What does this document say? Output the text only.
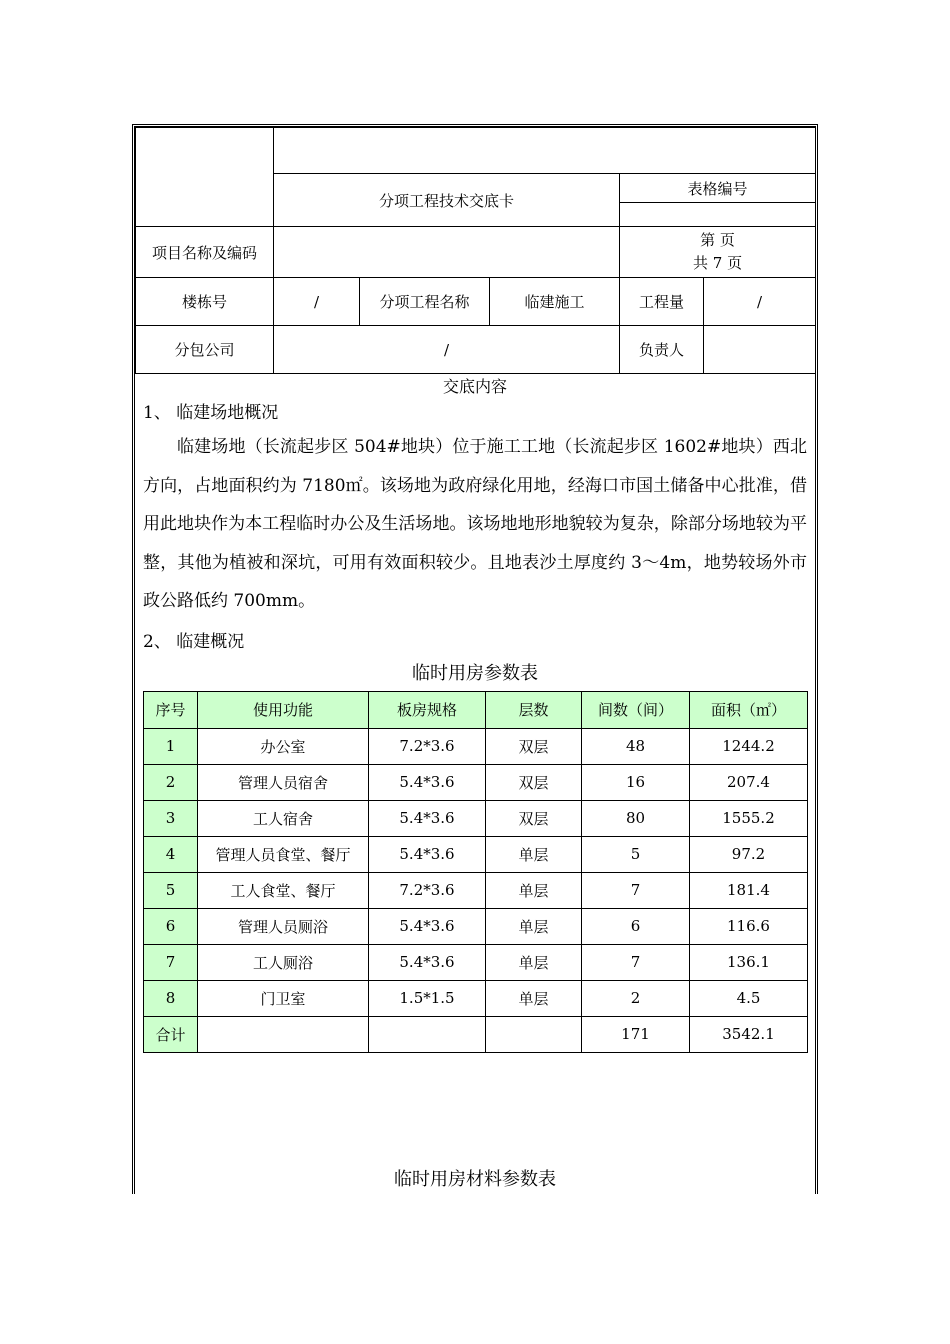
	分项工程技术交底卡			表格编号	

项目名称及编码				第 页
共 7 页	

楼栋号	/	分项工程名称	临建施工	工程量	/
分包公司	/			负责人	
交底内容
1、 临建场地概况
临建场地（长流起步区 504#地块）位于施工工地（长流起步区 1602#地块）西北方向，占地面积约为 7180㎡。该场地为政府绿化用地，经海口市国土储备中心批准，借用此地块作为本工程临时办公及生活场地。该场地地形地貌较为复杂，除部分场地较为平整，其他为植被和深坑，可用有效面积较少。且地表沙土厚度约 3～4m，地势较场外市政公路低约 700mm。
2、 临建概况
临时用房参数表
序号	使用功能	板房规格	层数	间数（间）	面积（㎡）
1	办公室	7.2*3.6	双层	48	1244.2
2	管理人员宿舍	5.4*3.6	双层	16	207.4
3	工人宿舍	5.4*3.6	双层	80	1555.2
4	管理人员食堂、餐厅	5.4*3.6	单层	5	97.2
5	工人食堂、餐厅	7.2*3.6	单层	7	181.4
6	管理人员厕浴	5.4*3.6	单层	6	116.6
7	工人厕浴	5.4*3.6	单层	7	136.1
8	门卫室	1.5*1.5	单层	2	4.5
合计				171	3542.1
临时用房材料参数表
